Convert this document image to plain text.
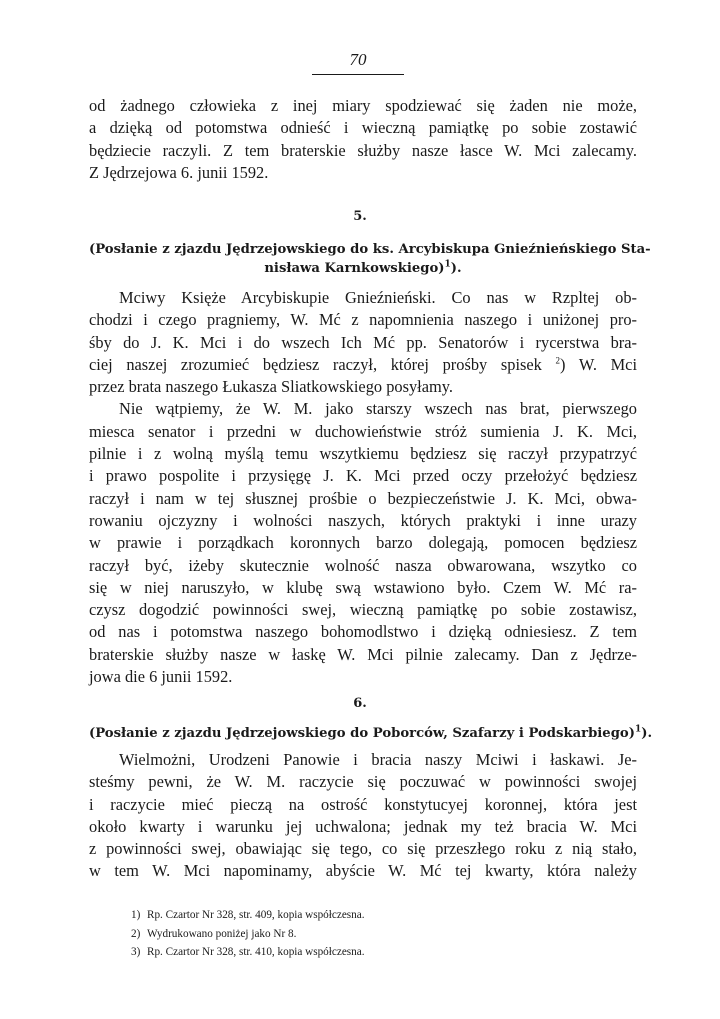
70
od żadnego człowieka z inej miary spodziewać się żaden nie może,
a dzięką od potomstwa odnieść i wieczną pamiątkę po sobie zostawić
będziecie raczyli. Z tem braterskie służby nasze łasce W. Mci zalecamy.
Z Jędrzejowa 6. junii 1592.
5.
(Posłanie z zjazdu Jędrzejowskiego do ks. Arcybiskupa Gnieźnieńskiego Sta-
nisława Karnkowskiego)$^1$).
Mciwy Księże Arcybiskupie Gnieźnieński. Co nas w Rzpltej ob-
chodzi i czego pragniemy, W. Mć z napomnienia naszego i uniżonej pro-
śby do J. K. Mci i do wszech Ich Mć pp. Senatorów i rycerstwa bra-
ciej naszej zrozumieć będziesz raczył, której prośby spisek $^2$) W. Mci
przez brata naszego Łukasza Sliatkowskiego posyłamy.
Nie wątpiemy, że W. M. jako starszy wszech nas brat, pierwszego
miesca senator i przedni w duchowieństwie stróż sumienia J. K. Mci,
pilnie i z wolną myślą temu wszytkiemu będziesz się raczył przypatrzyć
i prawo pospolite i przysięgę J. K. Mci przed oczy przełożyć będziesz
raczył i nam w tej słusznej prośbie o bezpieczeństwie J. K. Mci, obwa-
rowaniu ojczyzny i wolności naszych, których praktyki i inne urazy
w prawie i porządkach koronnych barzo dolegają, pomocen będziesz
raczył być, iżeby skutecznie wolność nasza obwarowana, wszytko co
się w niej naruszyło, w klubę swą wstawiono było. Czem W. Mć ra-
czysz dogodzić powinności swej, wieczną pamiątkę po sobie zostawisz,
od nas i potomstwa naszego bohomodlstwo i dzięką odniesiesz. Z tem
braterskie służby nasze w łaskę W. Mci pilnie zalecamy. Dan z Jędrze-
jowa die 6 junii 1592.
6.
(Posłanie z zjazdu Jędrzejowskiego do Poborców, Szafarzy i Podskarbiego)$^1$).
Wielmożni, Urodzeni Panowie i bracia naszy Mciwi i łaskawi. Je-
steśmy pewni, że W. M. raczycie się poczuwać w powinności swojej
i raczycie mieć pieczą na ostrość konstytucyej koronnej, która jest
około kwarty i warunku jej uchwalona; jednak my też bracia W. Mci
z powinności swej, obawiając się tego, co się przeszłego roku z nią stało,
w tem W. Mci napominamy, abyście W. Mć tej kwarty, która należy
1) Rp. Czartor Nr 328, str. 409, kopia współczesna.
2) Wydrukowano poniżej jako Nr 8.
3) Rp. Czartor Nr 328, str. 410, kopia współczesna.
